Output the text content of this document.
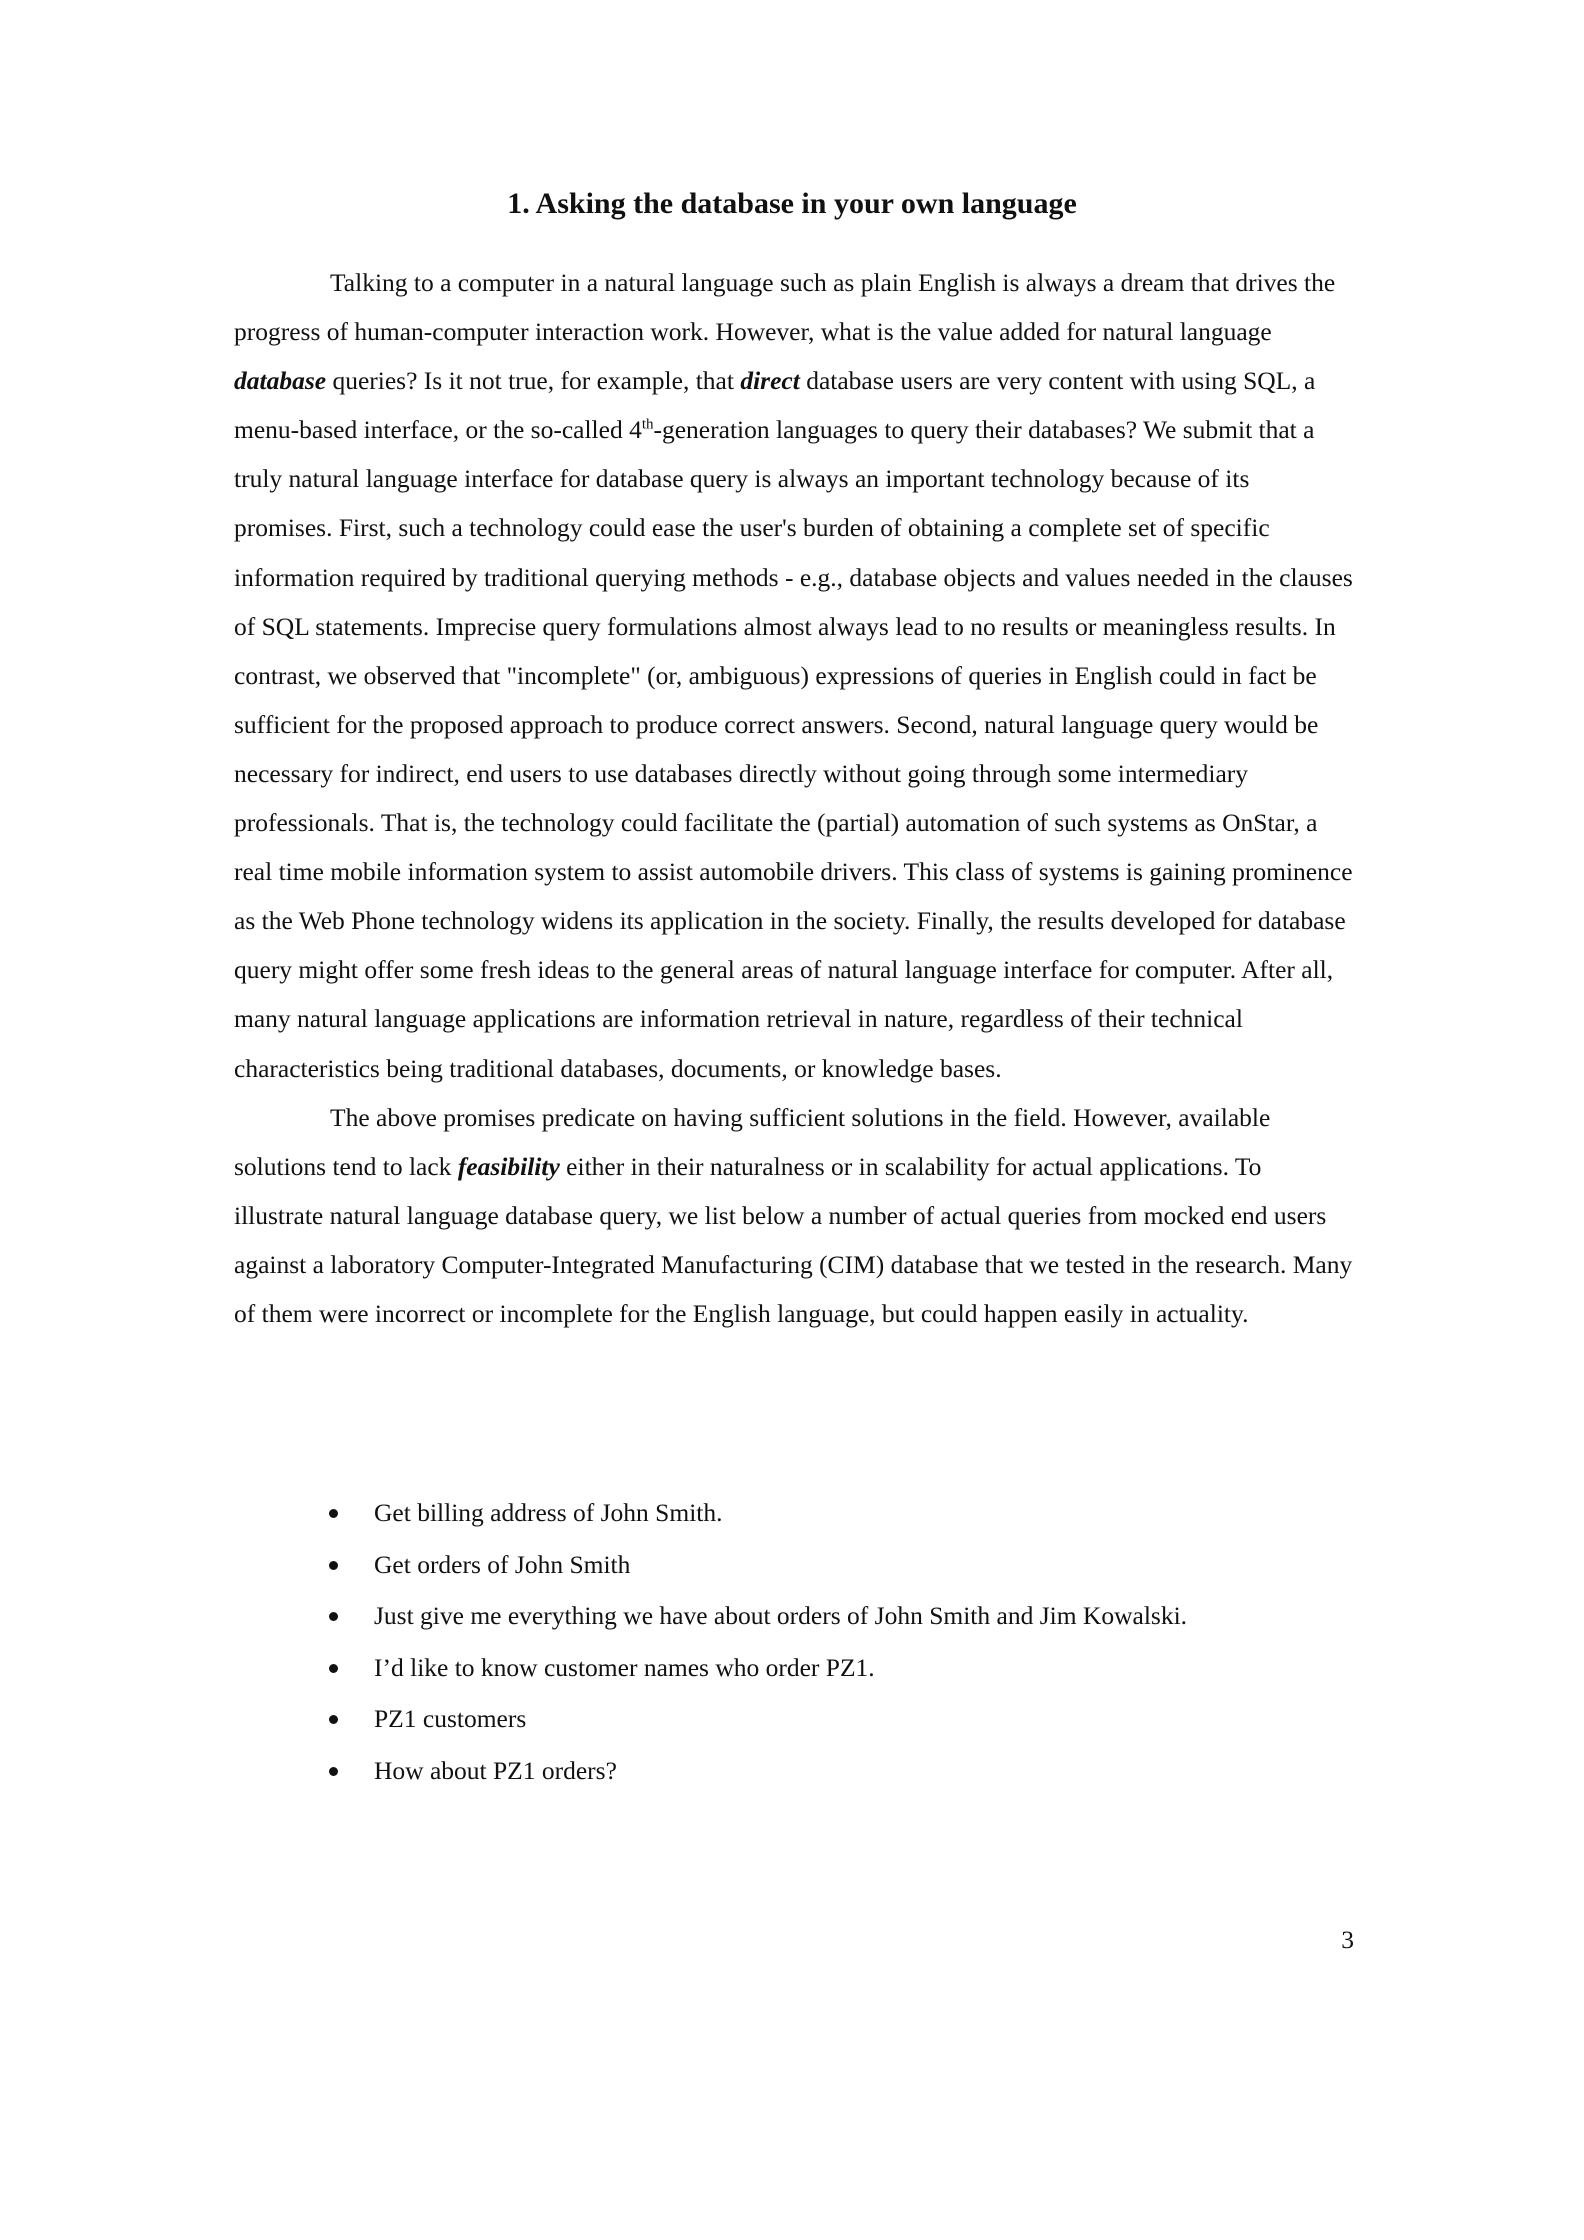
1. Asking the database in your own language

Talking to a computer in a natural language such as plain English is always a dream that drives the progress of human-computer interaction work. However, what is the value added for natural language database queries? Is it not true, for example, that direct database users are very content with using SQL, a menu-based interface, or the so-called 4th-generation languages to query their databases? We submit that a truly natural language interface for database query is always an important technology because of its promises. First, such a technology could ease the user's burden of obtaining a complete set of specific information required by traditional querying methods - e.g., database objects and values needed in the clauses of SQL statements. Imprecise query formulations almost always lead to no results or meaningless results. In contrast, we observed that "incomplete" (or, ambiguous) expressions of queries in English could in fact be sufficient for the proposed approach to produce correct answers. Second, natural language query would be necessary for indirect, end users to use databases directly without going through some intermediary professionals. That is, the technology could facilitate the (partial) automation of such systems as OnStar, a real time mobile information system to assist automobile drivers. This class of systems is gaining prominence as the Web Phone technology widens its application in the society. Finally, the results developed for database query might offer some fresh ideas to the general areas of natural language interface for computer. After all, many natural language applications are information retrieval in nature, regardless of their technical characteristics being traditional databases, documents, or knowledge bases.

The above promises predicate on having sufficient solutions in the field. However, available solutions tend to lack feasibility either in their naturalness or in scalability for actual applications. To illustrate natural language database query, we list below a number of actual queries from mocked end users against a laboratory Computer-Integrated Manufacturing (CIM) database that we tested in the research. Many of them were incorrect or incomplete for the English language, but could happen easily in actuality.

Get billing address of John Smith.
Get orders of John Smith
Just give me everything we have about orders of John Smith and Jim Kowalski.
I’d like to know customer names who order PZ1.
PZ1 customers
How about PZ1 orders?
3
